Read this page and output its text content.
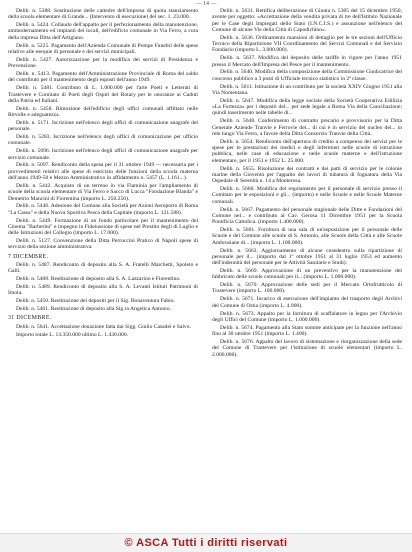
— 14 —

Delib. n. 5388. Sostituzione delle cattedre dell'impresa di quota stanziamento della scuola elementare di Grande... (Intervento di esecuzione) del sec. 1. 23.000.

Delib. n. 5424. Collaudo dell'appalto per il perfezionamento della manutenzione, ammodernamento ed impianti dei locali, dell'edificio comunale in Via Ferro, a cura della impresa Ditta dell'Artigiano.

Delib. n. 5225. Pagamento dell'Azienda Comunale di Pompe Funebri delle spese relative alle esequie di personale e dei servizi municipali.

Delib. n. 5427. Autorizzazione per la modifica dei servizi di Presidenza e Prevenzione.

Delib. n. 5413. Pagamento dell'Amministrazione Provinciale di Roma del saldo del contributo per il mantenimento degli esposti dell'anno 1949.

Delib. n. 5481. Contributo di L. 1.000.000 per l'arte Poeti e Letterati di Trastevere e Comitato di Poeti degli Ospiti del Rotary per le onoranze ai Caduti della Patria ed Italiani.

Delib. n. 5458. Rimozione dell'edificio degli uffici comunali affittato nelle Ritvolle e adeguatezza.

Delib. n. 5171. Iscrizione nell'elenco degli uffici di comunicazione anagrafe del personale.

Delib. n. 5283. Iscrizione nell'elenco degli uffici di comunicazione per ufficio comunale.

Delib. n. 5096. Iscrizione nell'elenco degli uffici di comunicazione anagrafe per servizio comunale.

Delib. n. 5097. Rendiconto della spesa per il 31 ottobre 1949 — necessaria per i provvedimenti relativi alle spese di esercizio delle funzioni della scuola materna dell'anno 1949-50 e Mezzo Amministrativo in affidamento n. 5457 (L. 1.161...).

Delib. n. 5442. Acquisto di un terreno in via Flaminia per l'ampliamento di scuole della scuola elementare di Via Ferro e Sacco di Lucca "Fondazione Blanda" e Demetrio Mancini di Fiorentina (importo L. 250.250).

Delib. n. 5446. Adesione del Comune alla Società per Azioni Aeroporto di Roma "La Cassa" e della Nuova Sportiva Pesca della Capitale (importo L. 121.588).

Delib. n. 5449. Formazione di un fondo particolare per il mantenimento del Cinema "Barberini" e impegno in Fideiussione di spese nel Prestito degli di Luglio e delle Istituzioni del Collegio (importo L. 17.000).

Delib. n. 5127. Convenzione della Ditta Perruccini Pratico di Napoli spese di servizio della sezione amministrativa.

7 DICEMBRE.

Delib. n. 5487. Rendiconto di deposito alla S. A. Fratelli Marchetti, Spoleto e Galli.

Delib. n. 5488. Restituzione di deposito alla S. A. Lazzarino e Fiorentino.

Delib. n. 5489. Rendiconto di deposito alla S. A. Levanti Istituti Patrimoni di Imola.

Delib. n. 5450. Restituzione dei depositi per il Sig. Bonaventura Fabio.

Delib. n. 5461. Restituzione di deposito alla Sig.ra Angelica Antonio.

31 DICEMBRE.

Delib. n. 5641. Accettazione donazione fatta dai Sigg. Giulio Casadei e Salvo.

Importo totale L. 13.350.000 ultimo L. 1.430.000.

Delib. n. 5631. Rettifica deliberazione di Giunta n. 5305 del 15 dicembre 1950, avente per oggetto: «Accettazione della vendita privata di tre dell'Istituto Nazionale per le Case degli Impiegati dello Stato (I.N.C.I.S.) e assunzione nell'elenco del Comune di alcune Vie della Città di Capodichino».

Delib. n. 5636. Ordinamento mansioni di dettaglio per le tre sezioni dell'Ufficio Tecnico della Ripartizione VII Coordinamento dei Servizi Comunali e del Servizio Fondiario (importo L. 3.000.000).

Delib. n. 5637. Modifica del deposito delle tariffe in vigore per l'anno 1951 presso il Mercato dell'Impresa del Pesce per il mantenimento.

Delib. n. 5640. Modifica della composizione della Commissione Giudicatrice del concorso pubblico a 3 posti di Ufficiale tecnico statistico in 2ª classe.

Delib. n. 5611. Istituzione di un contributo per la società XXIV Giugno 1951 alla Via Nomentana.

Delib. n. 5647. Modifica della legge sociale della Società Cooperativa Edilizia «La Fortezza» per i depositi del... per sede legale a Roma Via della Conciliazione; quindi inserimento nelle tabelle di...

Delib. n. 5648. Conferimento di contratto precario e provvisorio per la Ditta Generale Aziende Tranvie e Ferrovie del... di cui è in servizio del nucleo del... in rete lungo Via Ferro, a favore della Ditta Consorzio Tranvie della Città.

Delib. n. 5654. Rendiconto dell'apertura di credito a compenso dei servizi per le spese per le prestazioni dei medici e degli infermieri nelle scuole di istruzione pubblica, nelle case di educazione e nelle scuole materne e dell'istruzione elementare, per il 1951 e 1952 L. 25.000.

Delib. n. 5655. Risoluzione dei contratti e dei patti di servizio per le colonie marine della Gioventù per l'appalto dei lavori di tubatura di fognatura della Via Ospedale di Serenità n. 14 a Monterosa.

Delib. n. 5660. Modifica del regolamento per il personale di servizio presso il Comitato per le esposizioni e gli... (importo) e nelle Scuole e nelle Scuole Materne comunali.

Delib. n. 5667. Pagamento del personale stagionale delle Ditte e Fondazioni del Comune nel... e contributo al Cav. Gerosa 11 Dicembre 1951 per la Scuola Pontificia Cattolica. (importo 1.400.000).

Delib. n. 5661. Fornitura di una sala di un'esposizione per il personale delle Scuole e del Comune alle scuole di S. Antonio, alle Scuole della Città e alle Scuole Ambrosiane di... (importo L. 1.100.000).

Delib. n. 5663. Aggiornamento di alcune cosedentro sulla ripartizione di personale per il... (importo dal 1º ottobre 1951 al 31 luglio 1953 ed aumento dell'indennità del personale per le Attività Sanitarie e Studi).

Delib. n. 5669. Approvazione di un preventivo per la manutenzione del fabbricato delle scuole comunali per il... (importo L. 1.000.000).

Delib. n. 5670. Approvazione delle sedi per il Mercato Ortofrutticolo di Trastevere (importo L. 100.000).

Delib. n. 5671. Incarico di esecuzione dell'impianto del trasporto degli Archivi del Comune di Ostia (importo L. 4.000).

Delib. n. 5673. Appalto per la fornitura di scaffalature in legno per l'Archivio degli Uffici del Comune (importo L. 1.000.000).

Delib. n. 5674. Pagamento alla Stato somme anticipate per la funzione nell'anno fino al 30 ottobre 1951 (importo L. 1.400).

Delib. n. 5676. Appalto del lavoro di sistemazione e riorganizzazione della sede del Comune di Trastevere per l'istituzione di scuole elementari (importo L. 2.000.000).

© ASCA Tutti i diritti riservati
